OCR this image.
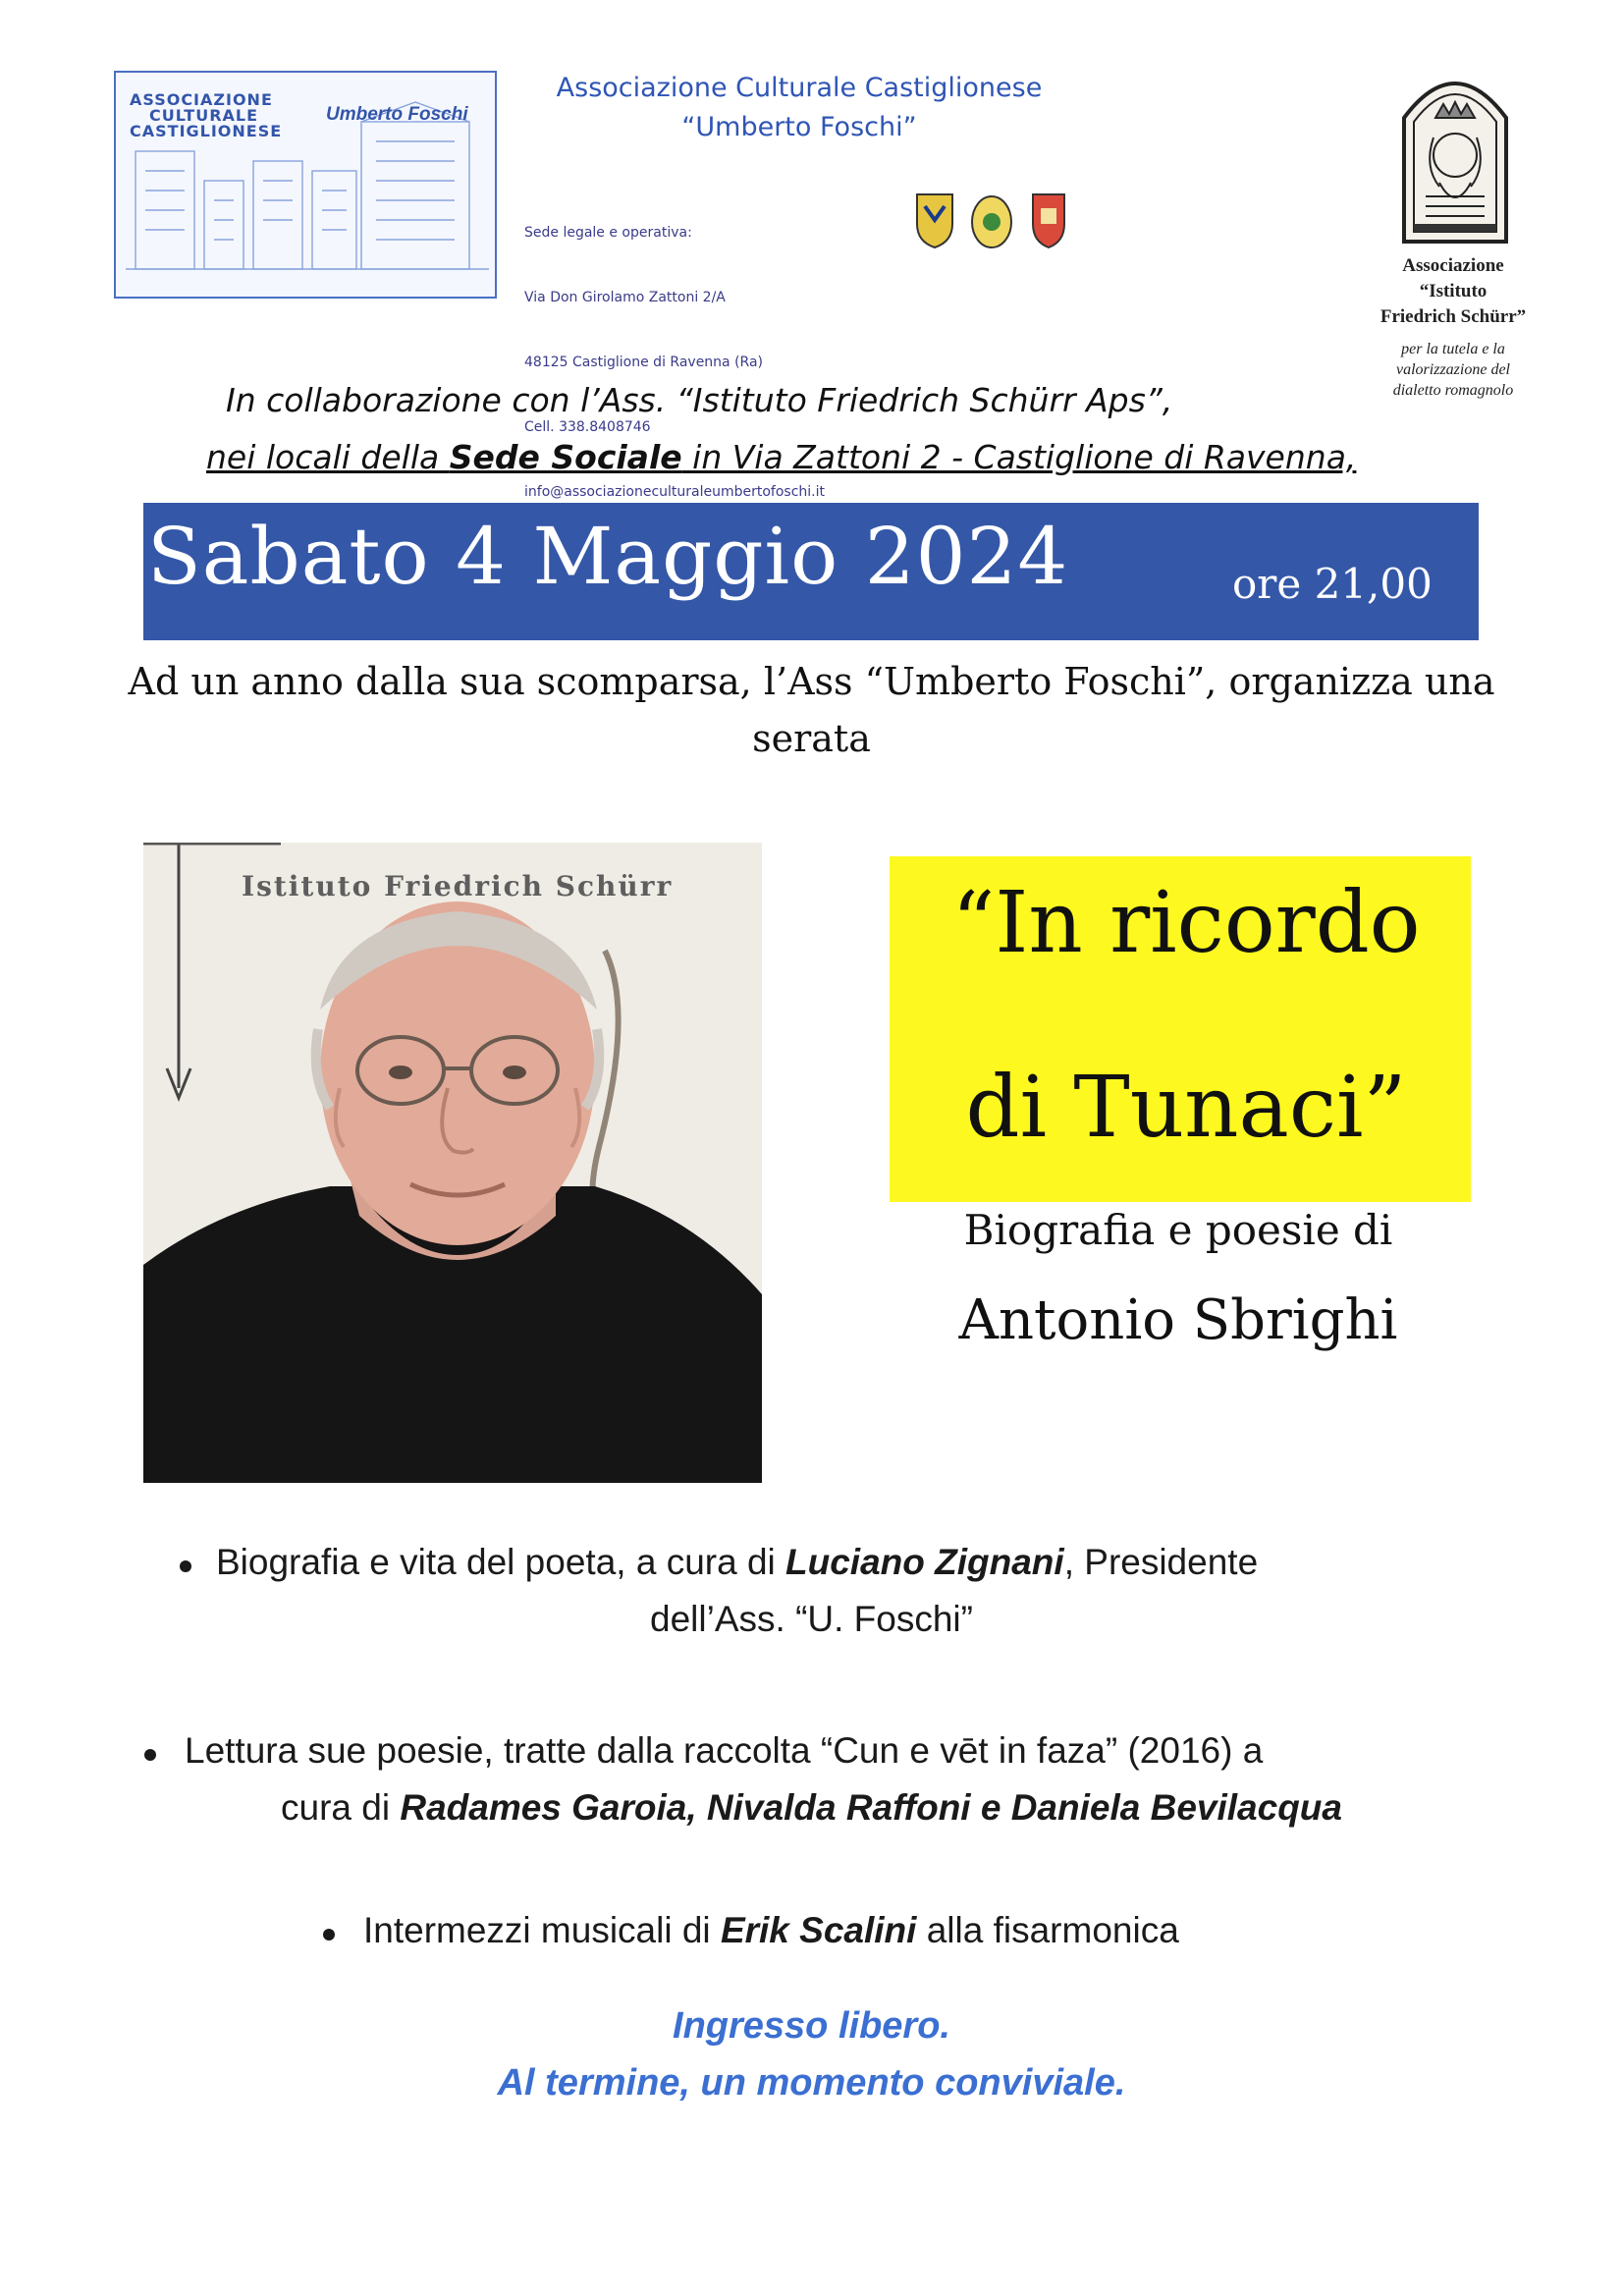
ASSOCIAZIONE
CULTURALE
CASTIGLIONESE
Umberto Foschi
Associazione Culturale Castiglionese
“Umberto Foschi”

Sede legale e operativa:

Via Don Girolamo Zattoni 2/A

48125 Castiglione di Ravenna (Ra)

Cell. 338.8408746

info@associazioneculturaleumbertofoschi.it

Associazione
“Istituto
Friedrich Schürr”
per la tutela e la
valorizzazione del
dialetto romagnolo
In collaborazione con l’Ass. “Istituto Friedrich Schürr Aps”,
nei locali della Sede Sociale in Via Zattoni 2 - Castiglione di Ravenna,
Sabato 4 Maggio 2024	ore 21,00
Ad un anno dalla sua scomparsa, l’Ass “Umberto Foschi”, organizza una
serata
Istituto Friedrich Schürr	“In ricordo
di Tunaci”
Biografia e poesie di
Antonio Sbrighi
Biografia e vita del poeta, a cura di Luciano Zignani, Presidente
dell’Ass. “U. Foschi”
Lettura sue poesie, tratte dalla raccolta “Cun e vēt in faza” (2016) a
cura di Radames Garoia, Nivalda Raffoni e Daniela Bevilacqua
Intermezzi musicali di Erik Scalini alla fisarmonica
Ingresso libero.
Al termine, un momento conviviale.
